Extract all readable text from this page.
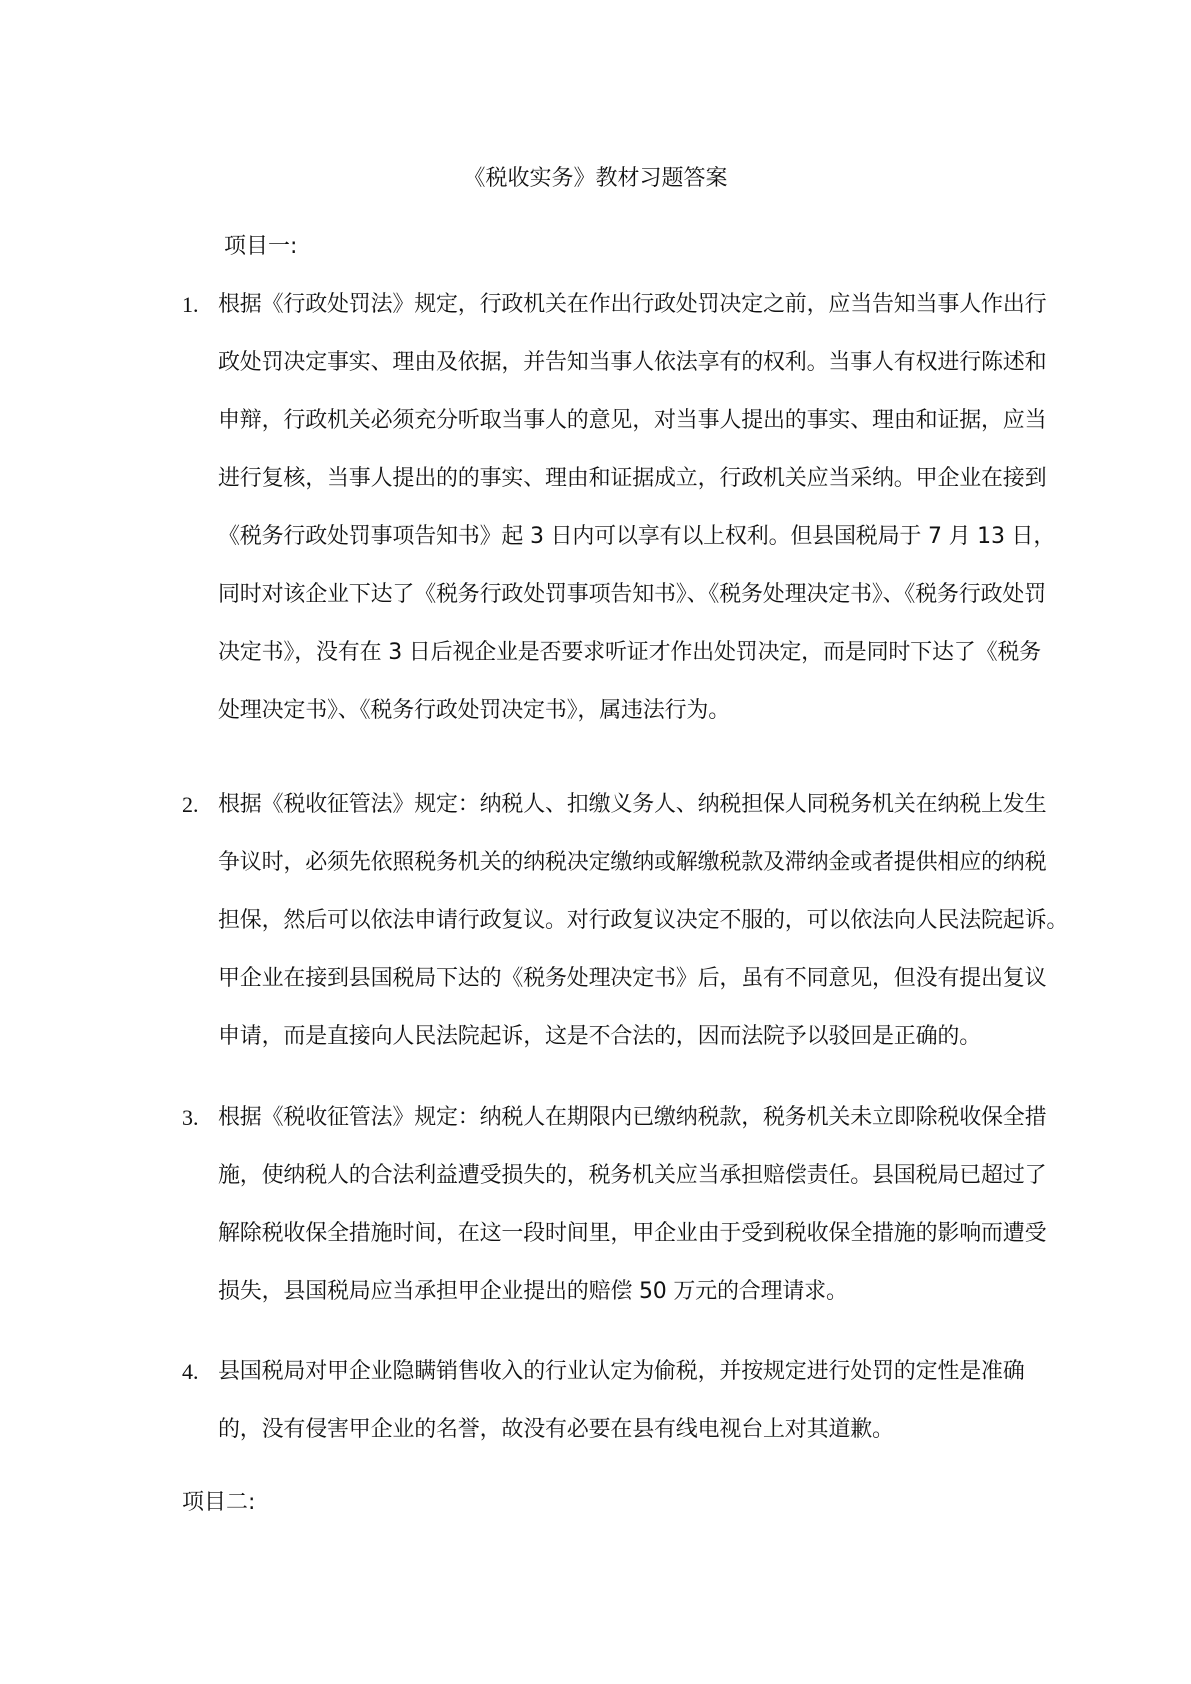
《税收实务》教材习题答案
项目一:
1. 根据《行政处罚法》规定，行政机关在作出行政处罚决定之前，应当告知当事人作出行
政处罚决定事实、理由及依据，并告知当事人依法享有的权利。当事人有权进行陈述和
申辩，行政机关必须充分听取当事人的意见，对当事人提出的事实、理由和证据，应当
进行复核，当事人提出的的事实、理由和证据成立，行政机关应当采纳。甲企业在接到
《税务行政处罚事项告知书》起 3 日内可以享有以上权利。但县国税局于 7 月 13 日，
同时对该企业下达了《税务行政处罚事项告知书》、《税务处理决定书》、《税务行政处罚
决定书》，没有在 3 日后视企业是否要求听证才作出处罚决定，而是同时下达了《税务
处理决定书》、《税务行政处罚决定书》，属违法行为。
2. 根据《税收征管法》规定：纳税人、扣缴义务人、纳税担保人同税务机关在纳税上发生
争议时，必须先依照税务机关的纳税决定缴纳或解缴税款及滞纳金或者提供相应的纳税
担保，然后可以依法申请行政复议。对行政复议决定不服的，可以依法向人民法院起诉。
甲企业在接到县国税局下达的《税务处理决定书》后，虽有不同意见，但没有提出复议
申请，而是直接向人民法院起诉，这是不合法的，因而法院予以驳回是正确的。
3. 根据《税收征管法》规定：纳税人在期限内已缴纳税款，税务机关未立即除税收保全措
施，使纳税人的合法利益遭受损失的，税务机关应当承担赔偿责任。县国税局已超过了
解除税收保全措施时间，在这一段时间里，甲企业由于受到税收保全措施的影响而遭受
损失，县国税局应当承担甲企业提出的赔偿 50 万元的合理请求。
4. 县国税局对甲企业隐瞒销售收入的行业认定为偷税，并按规定进行处罚的定性是准确
的，没有侵害甲企业的名誉，故没有必要在县有线电视台上对其道歉。
项目二:
